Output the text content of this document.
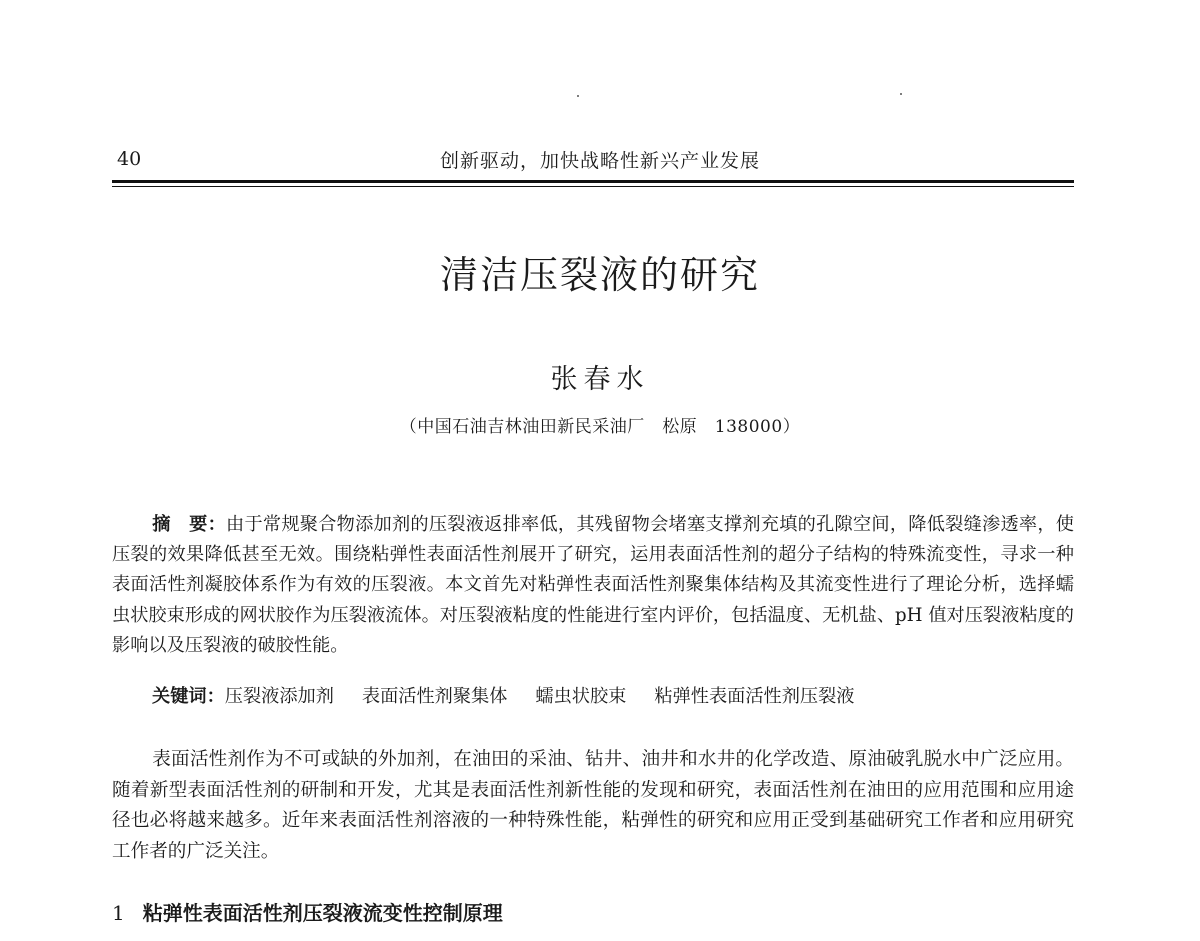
40	创新驱动，加快战略性新兴产业发展
清洁压裂液的研究
张春水
（中国石油吉林油田新民采油厂　松原　138000）
摘　要：由于常规聚合物添加剂的压裂液返排率低，其残留物会堵塞支撑剂充填的孔隙空间，降低裂缝渗透率，使压裂的效果降低甚至无效。围绕粘弹性表面活性剂展开了研究，运用表面活性剂的超分子结构的特殊流变性，寻求一种表面活性剂凝胶体系作为有效的压裂液。本文首先对粘弹性表面活性剂聚集体结构及其流变性进行了理论分析，选择蠕虫状胶束形成的网状胶作为压裂液流体。对压裂液粘度的性能进行室内评价，包括温度、无机盐、pH 值对压裂液粘度的影响以及压裂液的破胶性能。
关键词：压裂液添加剂 表面活性剂聚集体 蠕虫状胶束 粘弹性表面活性剂压裂液
表面活性剂作为不可或缺的外加剂，在油田的采油、钻井、油井和水井的化学改造、原油破乳脱水中广泛应用。随着新型表面活性剂的研制和开发，尤其是表面活性剂新性能的发现和研究，表面活性剂在油田的应用范围和应用途径也必将越来越多。近年来表面活性剂溶液的一种特殊性能，粘弹性的研究和应用正受到基础研究工作者和应用研究工作者的广泛关注。
1 粘弹性表面活性剂压裂液流变性控制原理
